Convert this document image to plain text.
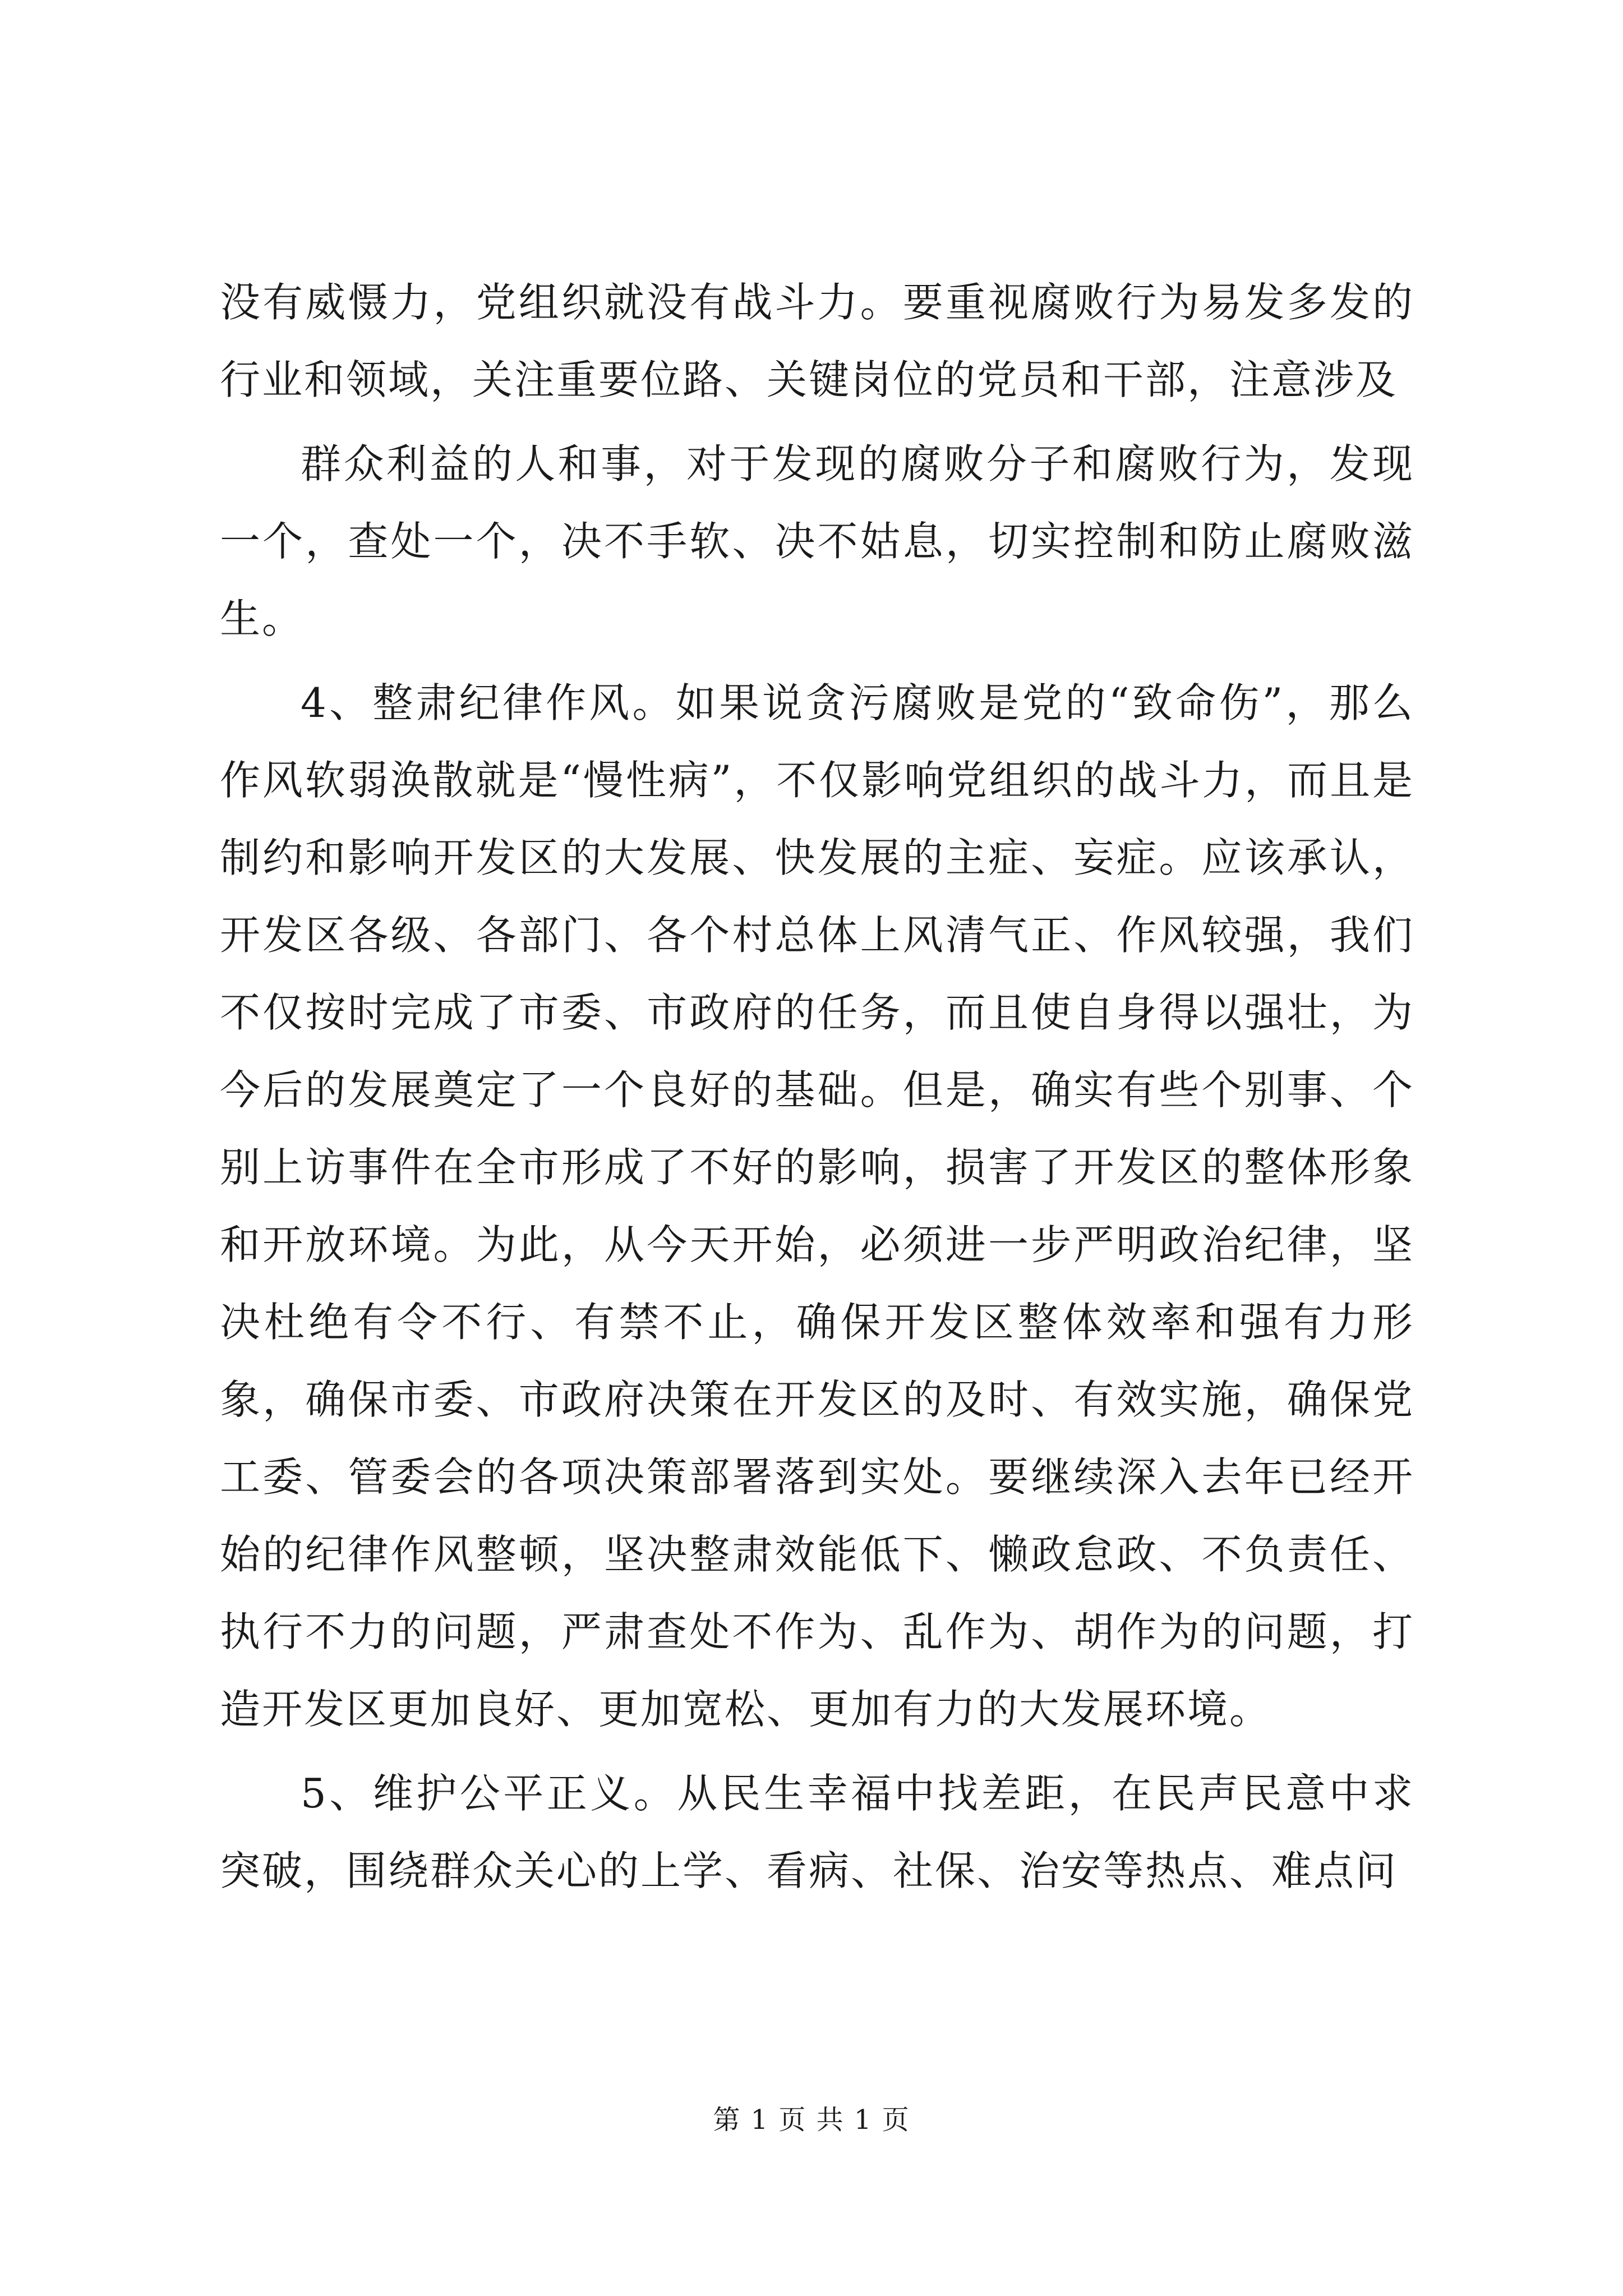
没有威慑力，党组织就没有战斗力。要重视腐败行为易发多发的行业和领域，关注重要位路、关键岗位的党员和干部，注意涉及

群众利益的人和事，对于发现的腐败分子和腐败行为，发现一个，查处一个，决不手软、决不姑息，切实控制和防止腐败滋生。

4、整肃纪律作风。如果说贪污腐败是党的“致命伤”，那么作风软弱涣散就是“慢性病”，不仅影响党组织的战斗力，而且是制约和影响开发区的大发展、快发展的主症、妄症。应该承认，开发区各级、各部门、各个村总体上风清气正、作风较强，我们不仅按时完成了市委、市政府的任务，而且使自身得以强壮，为今后的发展奠定了一个良好的基础。但是，确实有些个别事、个别上访事件在全市形成了不好的影响，损害了开发区的整体形象和开放环境。为此，从今天开始，必须进一步严明政治纪律，坚决杜绝有令不行、有禁不止，确保开发区整体效率和强有力形象，确保市委、市政府决策在开发区的及时、有效实施，确保党工委、管委会的各项决策部署落到实处。要继续深入去年已经开始的纪律作风整顿，坚决整肃效能低下、懒政怠政、不负责任、执行不力的问题，严肃查处不作为、乱作为、胡作为的问题，打造开发区更加良好、更加宽松、更加有力的大发展环境。

5、维护公平正义。从民生幸福中找差距，在民声民意中求突破，围绕群众关心的上学、看病、社保、治安等热点、难点问

第 1 页 共 1 页
